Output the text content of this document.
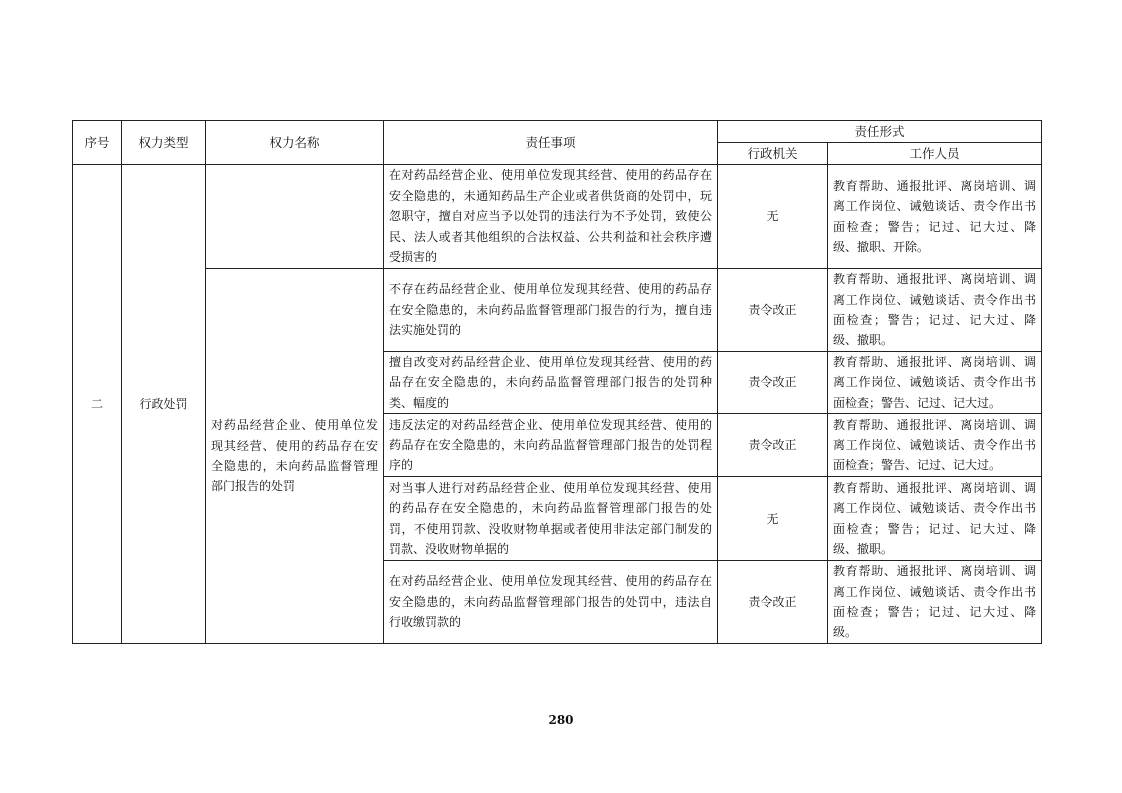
序号	权力类型	权力名称	责任事项	责任形式	
				行政机关	工作人员
二	行政处罚		在对药品经营企业、使用单位发现其经营、使用的药品存在安全隐患的，未通知药品生产企业或者供货商的处罚中，玩忽职守，擅自对应当予以处罚的违法行为不予处罚，致使公民、法人或者其他组织的合法权益、公共利益和社会秩序遭受损害的	无	教育帮助、通报批评、离岗培训、调离工作岗位、诫勉谈话、责令作出书面检查；警告；记过、记大过、降级、撤职、开除。
		对药品经营企业、使用单位发现其经营、使用的药品存在安全隐患的，未向药品监督管理部门报告的处罚	不存在药品经营企业、使用单位发现其经营、使用的药品存在安全隐患的，未向药品监督管理部门报告的行为，擅自违法实施处罚的	责令改正	教育帮助、通报批评、离岗培训、调离工作岗位、诫勉谈话、责令作出书面检查；警告；记过、记大过、降级、撤职。
			擅自改变对药品经营企业、使用单位发现其经营、使用的药品存在安全隐患的，未向药品监督管理部门报告的处罚种类、幅度的	责令改正	教育帮助、通报批评、离岗培训、调离工作岗位、诫勉谈话、责令作出书面检查；警告、记过、记大过。
			违反法定的对药品经营企业、使用单位发现其经营、使用的药品存在安全隐患的，未向药品监督管理部门报告的处罚程序的	责令改正	教育帮助、通报批评、离岗培训、调离工作岗位、诫勉谈话、责令作出书面检查；警告、记过、记大过。
			对当事人进行对药品经营企业、使用单位发现其经营、使用的药品存在安全隐患的，未向药品监督管理部门报告的处罚，不使用罚款、没收财物单据或者使用非法定部门制发的罚款、没收财物单据的	无	教育帮助、通报批评、离岗培训、调离工作岗位、诫勉谈话、责令作出书面检查；警告；记过、记大过、降级、撤职。
			在对药品经营企业、使用单位发现其经营、使用的药品存在安全隐患的，未向药品监督管理部门报告的处罚中，违法自行收缴罚款的	责令改正	教育帮助、通报批评、离岗培训、调离工作岗位、诫勉谈话、责令作出书面检查；警告；记过、记大过、降级。
280
